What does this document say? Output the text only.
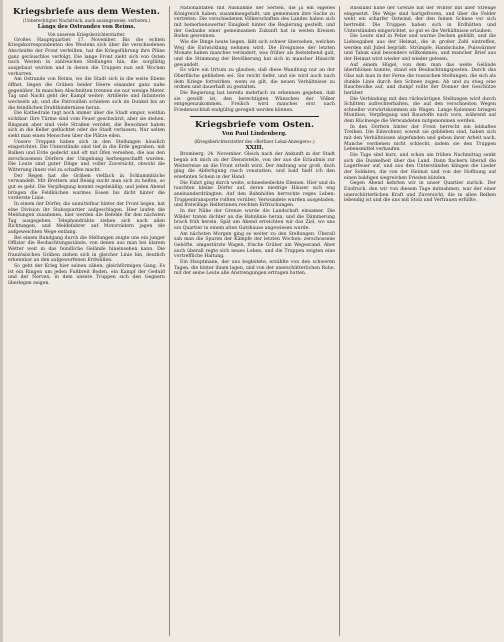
Kriegsbriefe aus dem Westen.
(Unberechtigter Nachdruck, auch auszugsweise, verboten.)
Längs des Ostrandes von Reims.
Von unserem Kriegsberichterstatter.

Großes Hauptquartier, 17. November. Bis die echten Kriegskorrespondenten des Westens sich über die verschiedenen Abschnitte der Front verteilten, hat die Kriegsführung ihre Pläne ganz geräuschlos verfolgt. Die lange Front zieht sich von Osten nach Westen in zahlreichen Stellungen hin, die sorgfältig ausgebaut wurden und in denen die Truppen nun seit Wochen verharren.

Am Ostrande von Reims, wo die Stadt sich in die weite Ebene öffnet, liegen die Gräben beider Heere einander ganz nahe gegenüber. In manchen Abschnitten trennen sie nur wenige Meter. Tag und Nacht geht der Kampf weiter; Artillerie und Infanterie wechseln ab, und die Patrouillen schieben sich im Dunkel bis an die feindlichen Drahthindernisse heran.

Die Kathedrale ragt noch immer über die Stadt empor, weithin sichtbar. Ihre Türme sind vom Feuer geschwärzt, aber sie stehen. Ringsum aber sind viele Straßen verödet, die Bewohner haben sich in die Keller geflüchtet oder die Stadt verlassen. Nur selten sieht man einen Menschen über die Plätze eilen.

Unsere Truppen haben sich in den Stellungen häuslich eingerichtet. Die Unterstände sind tief in die Erde gegraben, mit Balken und Erde gedeckt und oft mit Öfen versehen, die aus den zerschossenen Dörfern der Umgebung herbeigeschafft wurden. Die Leute sind guter Dinge und voller Zuversicht, obwohl die Witterung ihnen viel zu schaffen macht.

Der Regen hat die Gräben vielfach in Schlammbäche verwandelt. Mit Brettern und Reisig sucht man sich zu helfen, so gut es geht. Die Verpflegung kommt regelmäßig, und jeden Abend bringen die Feldküchen warmes Essen bis dicht hinter die vorderste Linie.

In einem der Dörfer, die unmittelbar hinter der Front liegen, hat eine Division ihr Stabsquartier aufgeschlagen. Hier laufen die Meldungen zusammen, hier werden die Befehle für den nächsten Tag ausgegeben. Telephondrähte ziehen sich nach allen Richtungen, und Meldefahrer auf Motorrädern jagen die aufgeweichten Wege entlang.

Bei einem Rundgang durch die Stellungen zeigte uns ein junger Offizier die Beobachtungsstände, von denen aus man bei klarem Wetter weit in das feindliche Gelände hineinsehen kann. Die französischen Gräben ziehen sich in gleicher Linie hin, deutlich erkennbar an den aufgeworfenen Erdwällen.

So geht der Krieg hier seinen zähen, gleichförmigen Gang. Es ist ein Ringen um jeden Fußbreit Boden, ein Kampf der Geduld und der Nerven, in dem unsere Truppen sich den Gegnern überlegen zeigen.

Nationalitäten mit Ausnahme der Serben, die ja ein eigenes Königreich haben, zusammengefaßt, um gemeinsam ihre Sache zu vertreten. Die verschiedenen Völkerschaften des Landes haben sich mit bemerkenswerter Einigkeit hinter die Regierung gestellt, und der Gedanke einer gemeinsamen Zukunft hat in weiten Kreisen Boden gewonnen.

Wie die Dinge heute liegen, läßt sich schwer übersehen, welchen Weg die Entwicklung nehmen wird. Die Ereignisse der letzten Monate haben manches verändert, was früher als feststehend galt, und die Stimmung der Bevölkerung hat sich in mancher Hinsicht gewandelt.

Es wäre ein Irrtum zu glauben, daß diese Wandlung nur an der Oberfläche geblieben sei. Sie reicht tiefer, und sie wird auch nach dem Kriege fortwirken, wenn es gilt, die neuen Verhältnisse zu ordnen und dauerhaft zu gestalten.

Die Regierung hat bereits mehrfach zu erkennen gegeben, daß sie gewillt ist, den berechtigten Wünschen der Völker entgegenzukommen. Freilich wird manches erst nach Friedensschluß endgültig geregelt werden können.

Kriegsbriefe vom Osten.
Von Paul Lindenberg.
(Kriegsberichterstatter des »Berliner Lokal-Anzeigers«.)
XXIII.

Bromberg, 24. November. Gleich nach der Ankunft in der Stadt begab ich mich zu der Dienststelle, von der aus die Erlaubnis zur Weiterreise an die Front erteilt wird. Der Andrang war groß, doch ging die Abfertigung rasch vonstatten, und bald hielt ich den ersehnten Schein in der Hand.

Die Fahrt ging durch weite, schneebedeckte Ebenen. Hier und da tauchten kleine Dörfer auf, deren niedrige Häuser sich eng aneinanderdrängten. Auf den Bahnhöfen herrschte reges Leben: Truppentransporte rollten vorüber, Verwundete wurden ausgeladen, und freiwillige Helferinnen reichten Erfrischungen.

In der Nähe der Grenze wurde die Landschaft einsamer. Die Wälder traten dichter an die Bahnlinie heran, und die Dämmerung brach früh herein. Spät am Abend erreichten wir das Ziel, wo uns ein Quartier in einem alten Gutshause angewiesen wurde.

Am nächsten Morgen ging es weiter zu den Stellungen. Überall sah man die Spuren der Kämpfe der letzten Wochen: zerschossene Gehöfte, umgestürzte Wagen, frische Gräber am Wegesrand. Aber auch überall regte sich neues Leben, und die Truppen zeigten eine vortreffliche Haltung.

Ein Hauptmann, der uns begleitete, erzählte von den schweren Tagen, die hinter ihnen lagen, und von der unerschütterlichen Ruhe, mit der seine Leute alle Anstrengungen ertragen hatten.

Russland nahe der Grenze hat der Winter mit aller Strenge eingesetzt. Die Wege sind hartgefroren, und über die Felder weht ein scharfer Ostwind, der den feinen Schnee vor sich hertreibt. Die Truppen haben sich in Erdhütten und Unterständen eingerichtet, so gut es die Verhältnisse erlauben.

Die Leute sind in Pelze und warme Decken gehüllt, und die Liebesgaben aus der Heimat, die in großer Zahl eintreffen, werden mit Jubel begrüßt. Strümpfe, Handschuhe, Pulswärmer und Tabak sind besonders willkommen, und mancher Brief aus der Heimat wird wieder und wieder gelesen.

Auf einem Hügel, von dem man das weite Gelände überblicken konnte, stand ein Beobachtungsposten. Durch das Glas sah man in der Ferne die russischen Stellungen, die sich als dunkle Linie durch den Schnee zogen. Ab und zu stieg eine Rauchwolke auf, und dumpf rollte der Donner der Geschütze herüber.

Die Verbindung mit den rückwärtigen Stellungen wird durch Schlitten aufrechterhalten, die auf den verschneiten Wegen schneller vorwärtskommen als Wagen. Lange Kolonnen bringen Munition, Verpflegung und Baustoffe nach vorn, während auf dem Rückwege die Verwundeten mitgenommen werden.

In den Dörfern hinter der Front herrscht ein lebhaftes Treiben. Die Einwohner, soweit sie geblieben sind, haben sich mit den Verhältnissen abgefunden und gehen ihrer Arbeit nach. Manche verdienen nicht schlecht, indem sie den Truppen Lebensmittel verkaufen.

Die Tage sind kurz, und schon am frühen Nachmittag senkt sich die Dunkelheit über das Land. Dann flackern überall die Lagerfeuer auf, und aus den Unterständen klingen die Lieder der Soldaten, die von der Heimat und von der Hoffnung auf einen baldigen siegreichen Frieden künden.

Gegen Abend kehrten wir in unser Quartier zurück. Der Eindruck, den wir von diesem Tage mitnahmen, war der einer unerschütterlichen Kraft und Zuversicht, die in allen Reihen lebendig ist und die uns mit Stolz und Vertrauen erfüllte.
